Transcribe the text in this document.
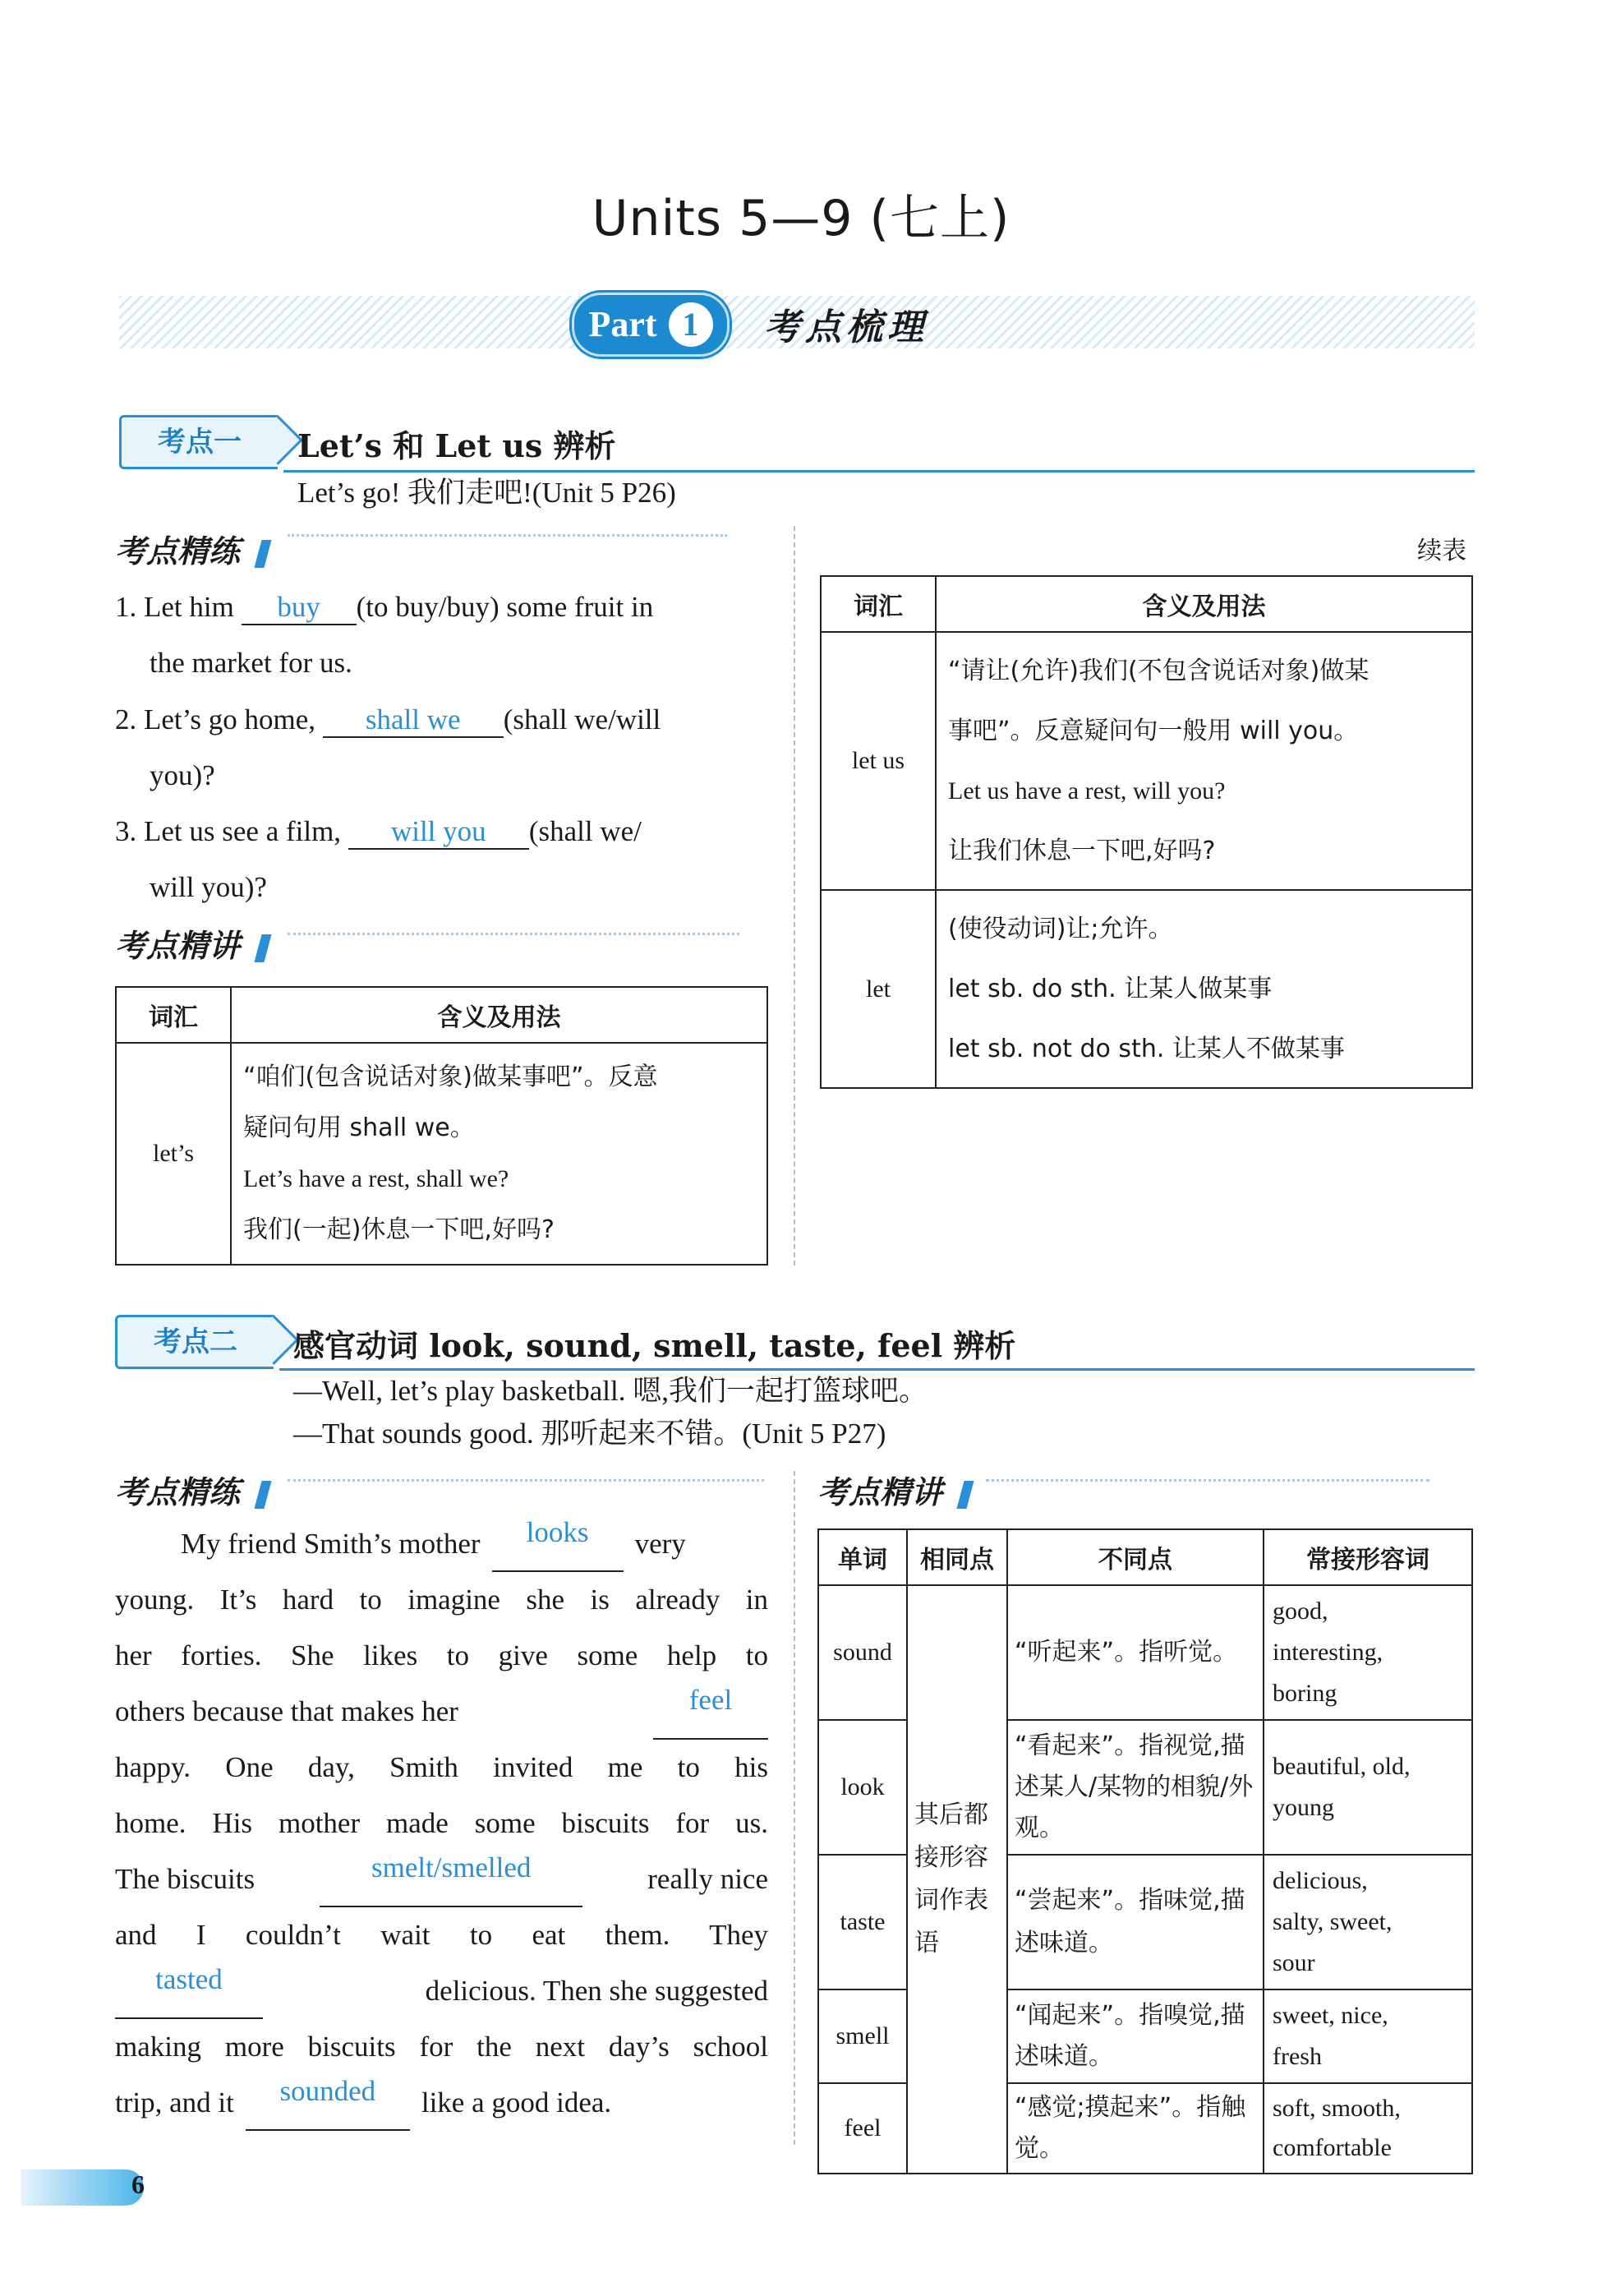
Units 5—9 (七上)
Part 1	考点梳理
考点一	Let’s 和 Let us 辨析
Let’s go! 我们走吧!(Unit 5 P26)
考点精练
1. Let him buy (to buy/buy) some fruit in
the market for us.
2. Let’s go home, shall we (shall we/will
you)?
3. Let us see a film, will you (shall we/
will you)?
考点精讲
词汇	含义及用法
let’s	“咱们(包含说话对象)做某事吧”。反意
疑问句用 shall we。
Let’s have a rest, shall we?
我们(一起)休息一下吧,好吗?
续表
词汇	含义及用法
let us	“请让(允许)我们(不包含说话对象)做某
事吧”。反意疑问句一般用 will you。
Let us have a rest, will you?
让我们休息一下吧,好吗?

let	(使役动词)让;允许。
let sb. do sth. 让某人做某事
let sb. not do sth. 让某人不做某事
考点二	感官动词 look, sound, smell, taste, feel 辨析
—Well, let’s play basketball. 嗯,我们一起打篮球吧。
—That sounds good. 那听起来不错。(Unit 5 P27)
考点精练
My friend Smith’s mother	looks	very
young. It’s hard to imagine she is already in
her forties. She likes to give some help to
others because that makes her	feel
happy. One day, Smith invited me to his
home. His mother made some biscuits for us.
The biscuits	smelt/smelled	really nice
and I couldn’t wait to eat them. They
tasted	delicious. Then she suggested
making more biscuits for the next day’s school
trip, and it	sounded	like a good idea.
考点精讲
单词	相同点	不同点	常接形容词
sound	其后都接形容词作表语	“听起来”。指听觉。	good,
interesting,
boring
look		“看起来”。指视觉,描述某人/某物的相貌/外观。	beautiful, old,
young
taste		“尝起来”。指味觉,描述味道。	delicious,
salty, sweet,
sour
smell		“闻起来”。指嗅觉,描述味道。	sweet, nice,
fresh
feel		“感觉;摸起来”。指触觉。	soft, smooth,
comfortable
6
